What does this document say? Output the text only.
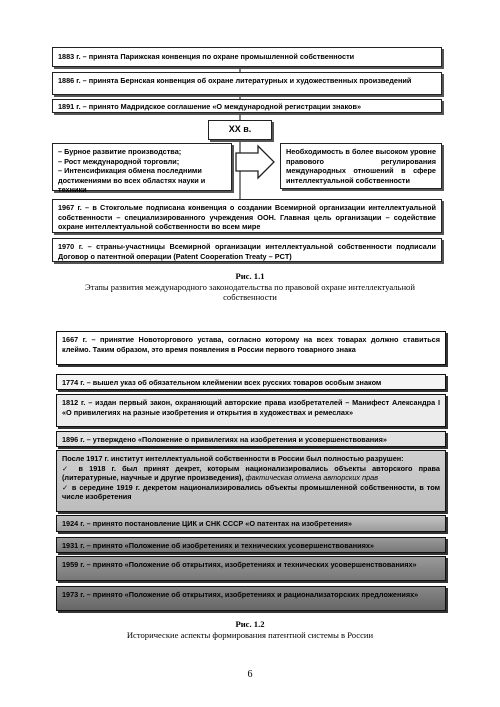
1883 г. – принята Парижская конвенция по охране промышленной собственности
1886 г. – принята Бернская конвенция об охране литературных и художественных произведений
1891 г. – принято Мадридское соглашение «О международной регистрации знаков»
XX в.
– Бурное развитие производства;
– Рост международной торговли;
– Интенсификация обмена последними достижениями во всех областях науки и техники
Необходимость в более высоком уровне правового регулирования международных отношений в сфере интеллектуальной собственности
1967 г. – в Стокгольме подписана конвенция о создании Всемирной организации интеллектуальной собственности – специализированного учреждения ООН. Главная цель организации – содействие охране интеллектуальной собственности во всем мире
1970 г. – страны-участницы Всемирной организации интеллектуальной собственности подписали Договор о патентной операции (Patent Cooperation Treaty – PCT)
Рис. 1.1
Этапы развития международного законодательства по правовой охране интеллектуальной собственности
1667 г. – принятие Новоторгового устава, согласно которому на всех товарах должно ставиться клеймо. Таким образом, это время появления в России первого товарного знака
1774 г. – вышел указ об обязательном клеймении всех русских товаров особым знаком
1812 г. – издан первый закон, охраняющий авторские права изобретателей – Манифест Александра I «О привилегиях на разные изобретения и открытия в художествах и ремеслах»
1896 г. – утверждено «Положение о привилегиях на изобретения и усовершенствования»
После 1917 г. институт интеллектуальной собственности в России был полностью разрушен:
✓ в 1918 г. был принят декрет, которым национализировались объекты авторского права (литературные, научные и другие произведения), фактическая отмена авторских прав
✓ в середине 1919 г. декретом национализировались объекты промышленной собственности, в том числе изобретения
1924 г. – принято постановление ЦИК и СНК СССР «О патентах на изобретения»
1931 г. – принято «Положение об изобретениях и технических усовершенствованиях»
1959 г. – принято «Положение об открытиях, изобретениях и технических усовершенствованиях»
1973 г. – принято «Положение об открытиях, изобретениях и рационализаторских предложениях»
Рис. 1.2
Исторические аспекты формирования патентной системы в России
6
